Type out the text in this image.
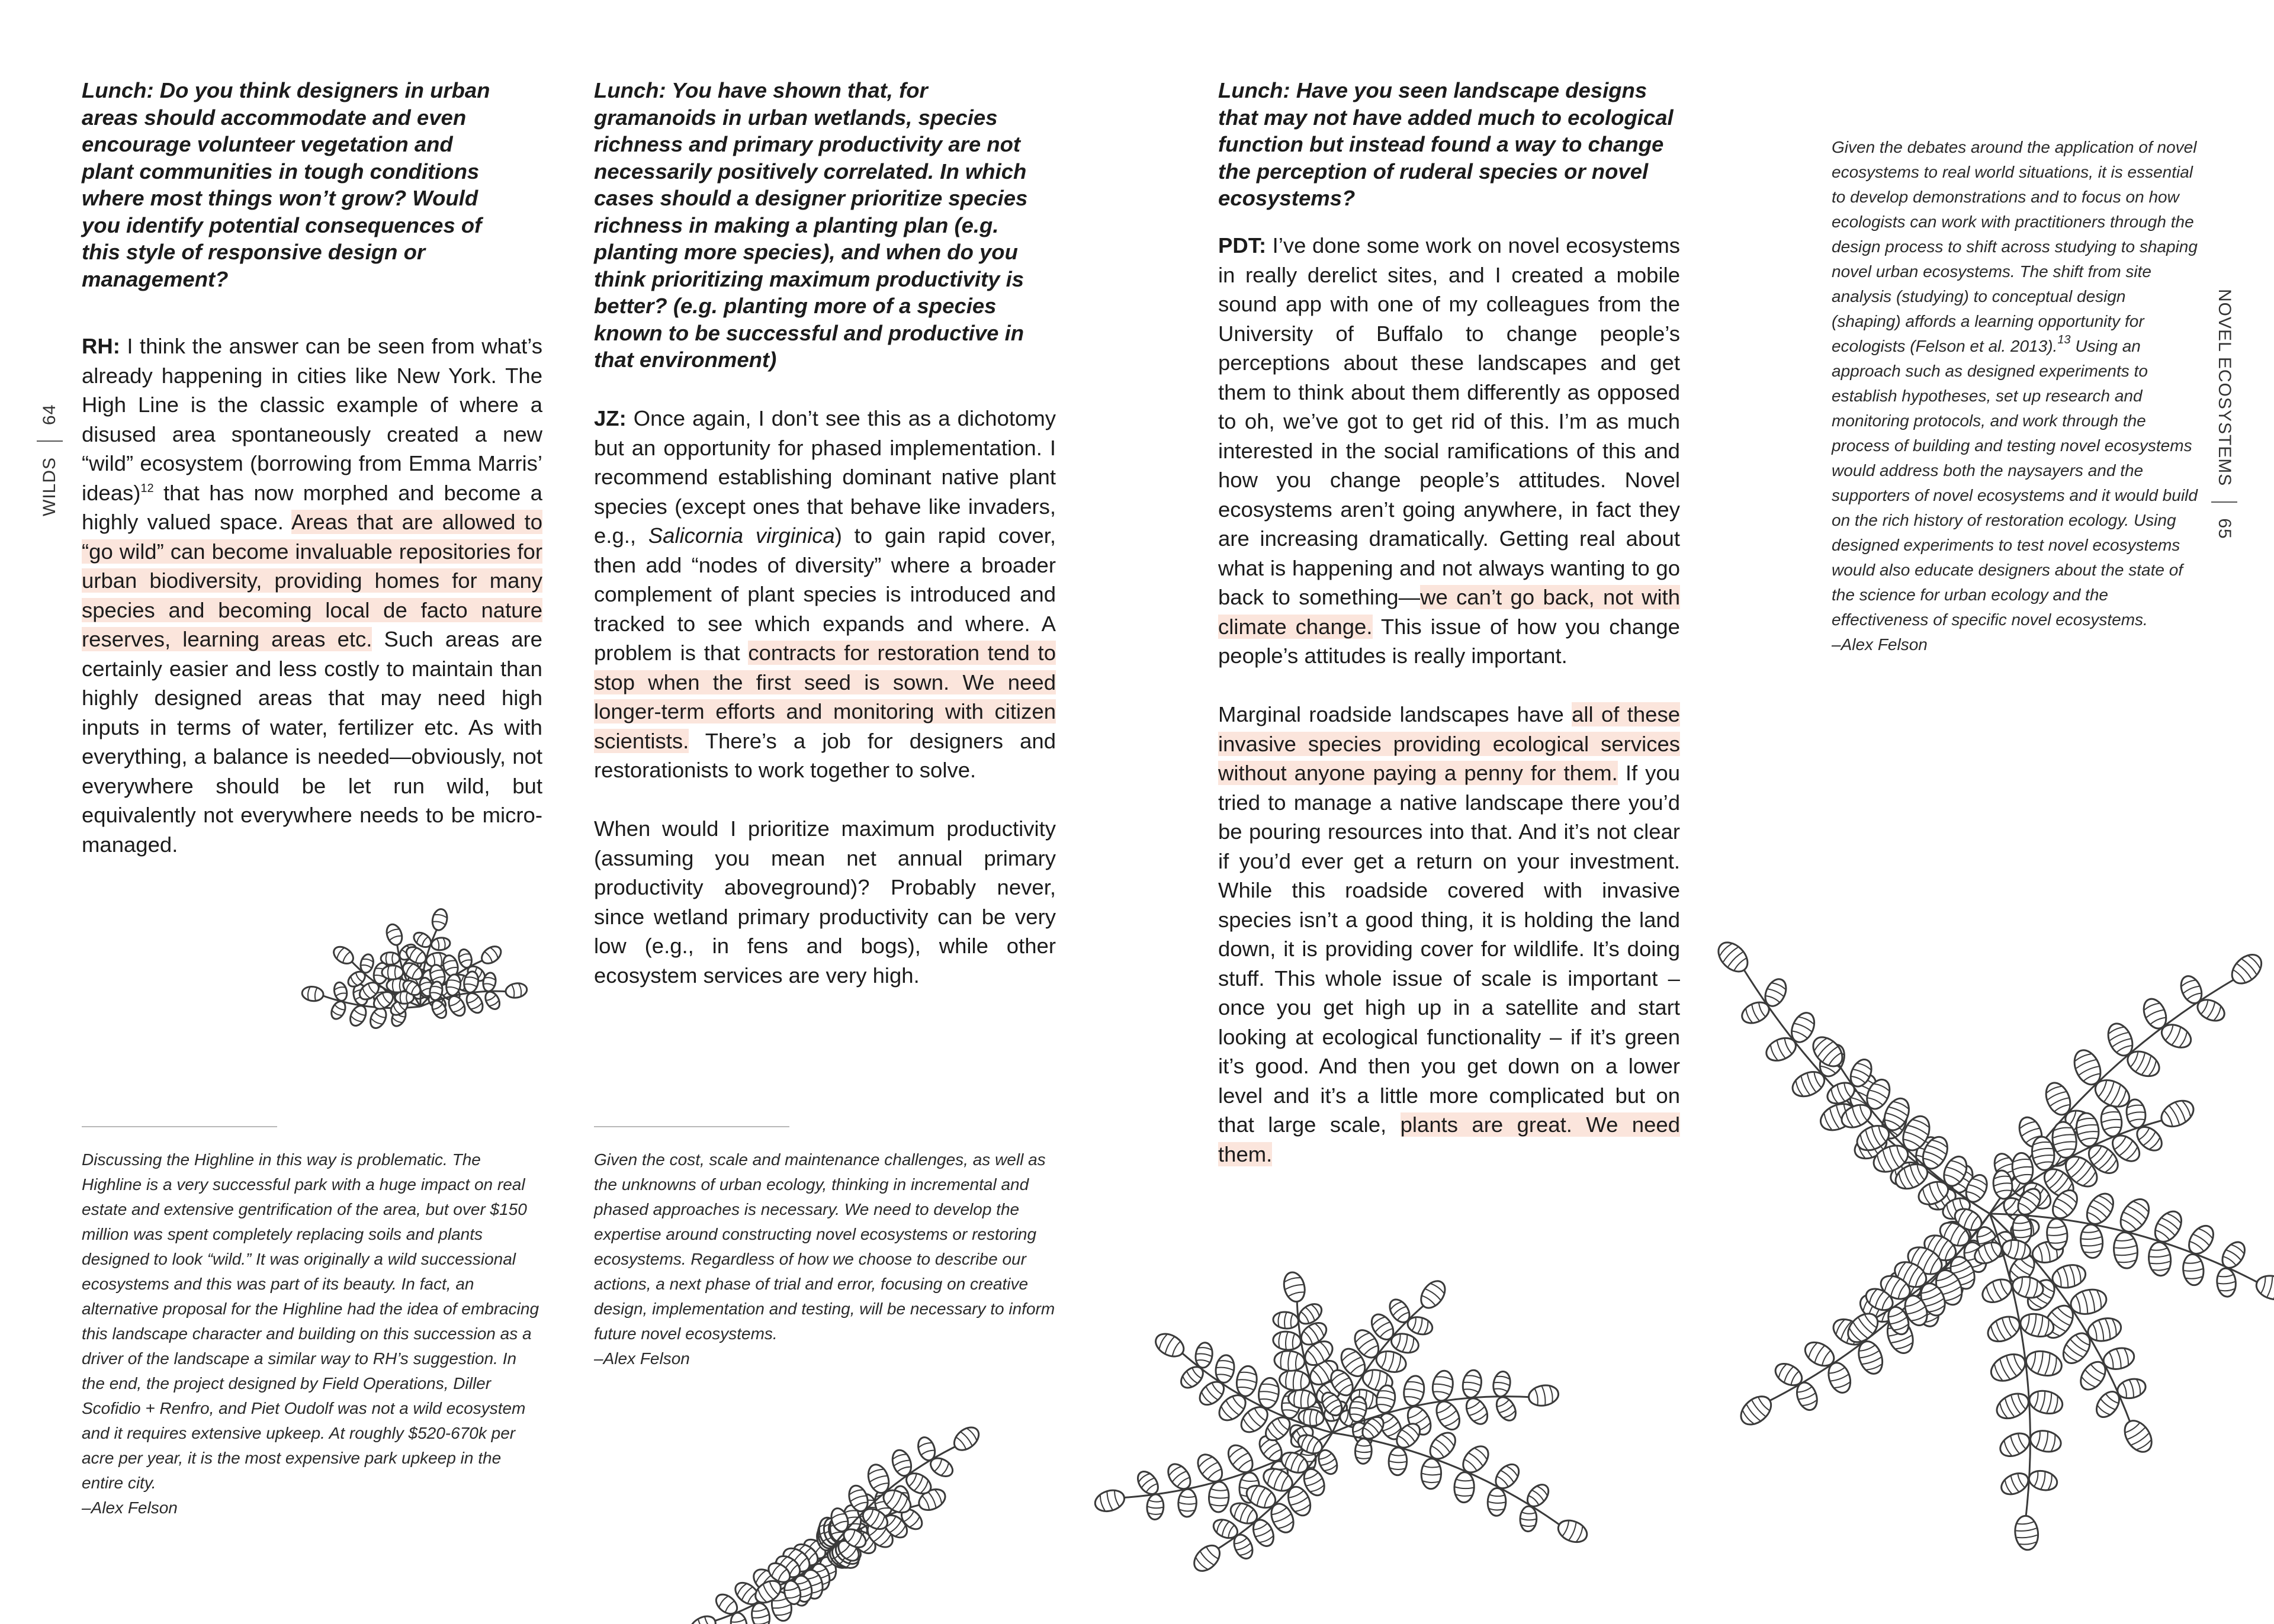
WILDS
64

Lunch: Do you think designers in urban areas should accommodate and even encourage volunteer vegetation and plant communities in tough conditions where most things won’t grow? Would you identify potential consequences of this style of responsive design or management?

RH: I think the answer can be seen from what’s already happening in cities like New York. The High Line is the classic example of where a disused area spontaneously created a new “wild” ecosystem (borrowing from Emma Marris’ ideas)$^{12}$ that has now morphed and become a highly valued space. Areas that are allowed to “go wild” can become invaluable repositories for urban biodiversity, providing homes for many species and becoming local de facto nature reserves, learning areas etc. Such areas are certainly easier and less costly to maintain than highly designed areas that may need high inputs in terms of water, fertilizer etc. As with everything, a balance is needed—obviously, not everywhere should be let run wild, but equivalently not everywhere needs to be micro-managed.

Discussing the Highline in this way is problematic. The Highline is a very successful park with a huge impact on real estate and extensive gentrification of the area, but over $150 million was spent completely replacing soils and plants designed to look “wild.” It was originally a wild successional ecosystems and this was part of its beauty. In fact, an alternative proposal for the Highline had the idea of embracing this landscape character and building on this succession as a driver of the landscape a similar way to RH’s suggestion. In the end, the project designed by Field Operations, Diller Scofidio + Renfro, and Piet Oudolf was not a wild ecosystem and it requires extensive upkeep. At roughly $520-670k per acre per year, it is the most expensive park upkeep in the entire city.
–Alex Felson

Lunch: You have shown that, for gramanoids in urban wetlands, species richness and primary productivity are not necessarily positively correlated. In which cases should a designer prioritize species richness in making a planting plan (e.g. planting more species), and when do you think prioritizing maximum productivity is better? (e.g. planting more of a species known to be successful and productive in that environment)

JZ: Once again, I don’t see this as a dichotomy but an opportunity for phased implementation. I recommend establishing dominant native plant species (except ones that behave like invaders, e.g., Salicornia virginica) to gain rapid cover, then add “nodes of diversity” where a broader complement of plant species is introduced and tracked to see which expands and where. A problem is that contracts for restoration tend to stop when the first seed is sown. We need longer-term efforts and monitoring with citizen scientists. There’s a job for designers and restorationists to work together to solve.

When would I prioritize maximum productivity (assuming you mean net annual primary productivity aboveground)? Probably never, since wetland primary productivity can be very low (e.g., in fens and bogs), while other ecosystem services are very high.

Given the cost, scale and maintenance challenges, as well as the unknowns of urban ecology, thinking in incremental and phased approaches is necessary. We need to develop the expertise around constructing novel ecosystems or restoring ecosystems. Regardless of how we choose to describe our actions, a next phase of trial and error, focusing on creative design, implementation and testing, will be necessary to inform future novel ecosystems.
–Alex Felson

NOVEL ECOSYSTEMS
65

Lunch: Have you seen landscape designs that may not have added much to ecological function but instead found a way to change the perception of ruderal species or novel ecosystems?

PDT: I’ve done some work on novel ecosystems in really derelict sites, and I created a mobile sound app with one of my colleagues from the University of Buffalo to change people’s perceptions about these landscapes and get them to think about them differently as opposed to oh, we’ve got to get rid of this. I’m as much interested in the social ramifications of this and how you change people’s attitudes. Novel ecosystems aren’t going anywhere, in fact they are increasing dramatically. Getting real about what is happening and not always wanting to go back to something—we can’t go back, not with climate change. This issue of how you change people’s attitudes is really important.

Marginal roadside landscapes have all of these invasive species providing ecological services without anyone paying a penny for them. If you tried to manage a native landscape there you’d be pouring resources into that. And it’s not clear if you’d ever get a return on your investment. While this roadside covered with invasive species isn’t a good thing, it is holding the land down, it is providing cover for wildlife. It’s doing stuff. This whole issue of scale is important – once you get high up in a satellite and start looking at ecological functionality – if it’s green it’s good. And then you get down on a lower level and it’s a little more complicated but on that large scale, plants are great. We need them.

Given the debates around the application of novel ecosystems to real world situations, it is essential to develop demonstrations and to focus on how ecologists can work with practitioners through the design process to shift across studying to shaping novel urban ecosystems. The shift from site analysis (studying) to conceptual design (shaping) affords a learning opportunity for ecologists (Felson et al. 2013).$^{13}$ Using an approach such as designed experiments to establish hypotheses, set up research and monitoring protocols, and work through the process of building and testing novel ecosystems would address both the naysayers and the supporters of novel ecosystems and it would build on the rich history of restoration ecology. Using designed experiments to test novel ecosystems would also educate designers about the state of the science for urban ecology and the effectiveness of specific novel ecosystems.
–Alex Felson
